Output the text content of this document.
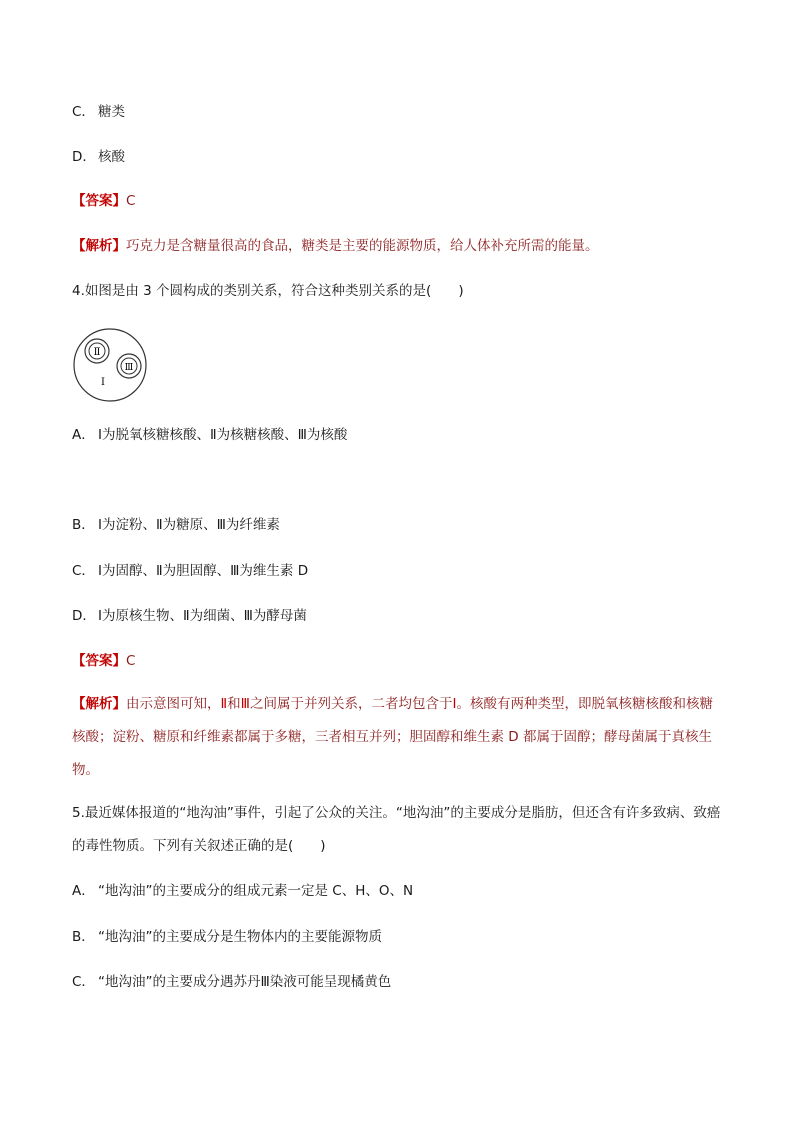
C． 糖类
D． 核酸
【答案】C
【解析】巧克力是含糖量很高的食品，糖类是主要的能源物质，给人体补充所需的能量。
4.如图是由 3 个圆构成的类别关系，符合这种类别关系的是(　　)
Ⅱ
Ⅲ
Ⅰ
A． Ⅰ为脱氧核糖核酸、Ⅱ为核糖核酸、Ⅲ为核酸
B． Ⅰ为淀粉、Ⅱ为糖原、Ⅲ为纤维素
C． Ⅰ为固醇、Ⅱ为胆固醇、Ⅲ为维生素 D
D． Ⅰ为原核生物、Ⅱ为细菌、Ⅲ为酵母菌
【答案】C
【解析】由示意图可知，Ⅱ和Ⅲ之间属于并列关系，二者均包含于Ⅰ。核酸有两种类型，即脱氧核糖核酸和核糖核酸；淀粉、糖原和纤维素都属于多糖，三者相互并列；胆固醇和维生素 D 都属于固醇；酵母菌属于真核生物。
5.最近媒体报道的“地沟油”事件，引起了公众的关注。“地沟油”的主要成分是脂肪，但还含有许多致病、致癌的毒性物质。下列有关叙述正确的是(　　)
A． “地沟油”的主要成分的组成元素一定是 C、H、O、N
B． “地沟油”的主要成分是生物体内的主要能源物质
C． “地沟油”的主要成分遇苏丹Ⅲ染液可能呈现橘黄色
